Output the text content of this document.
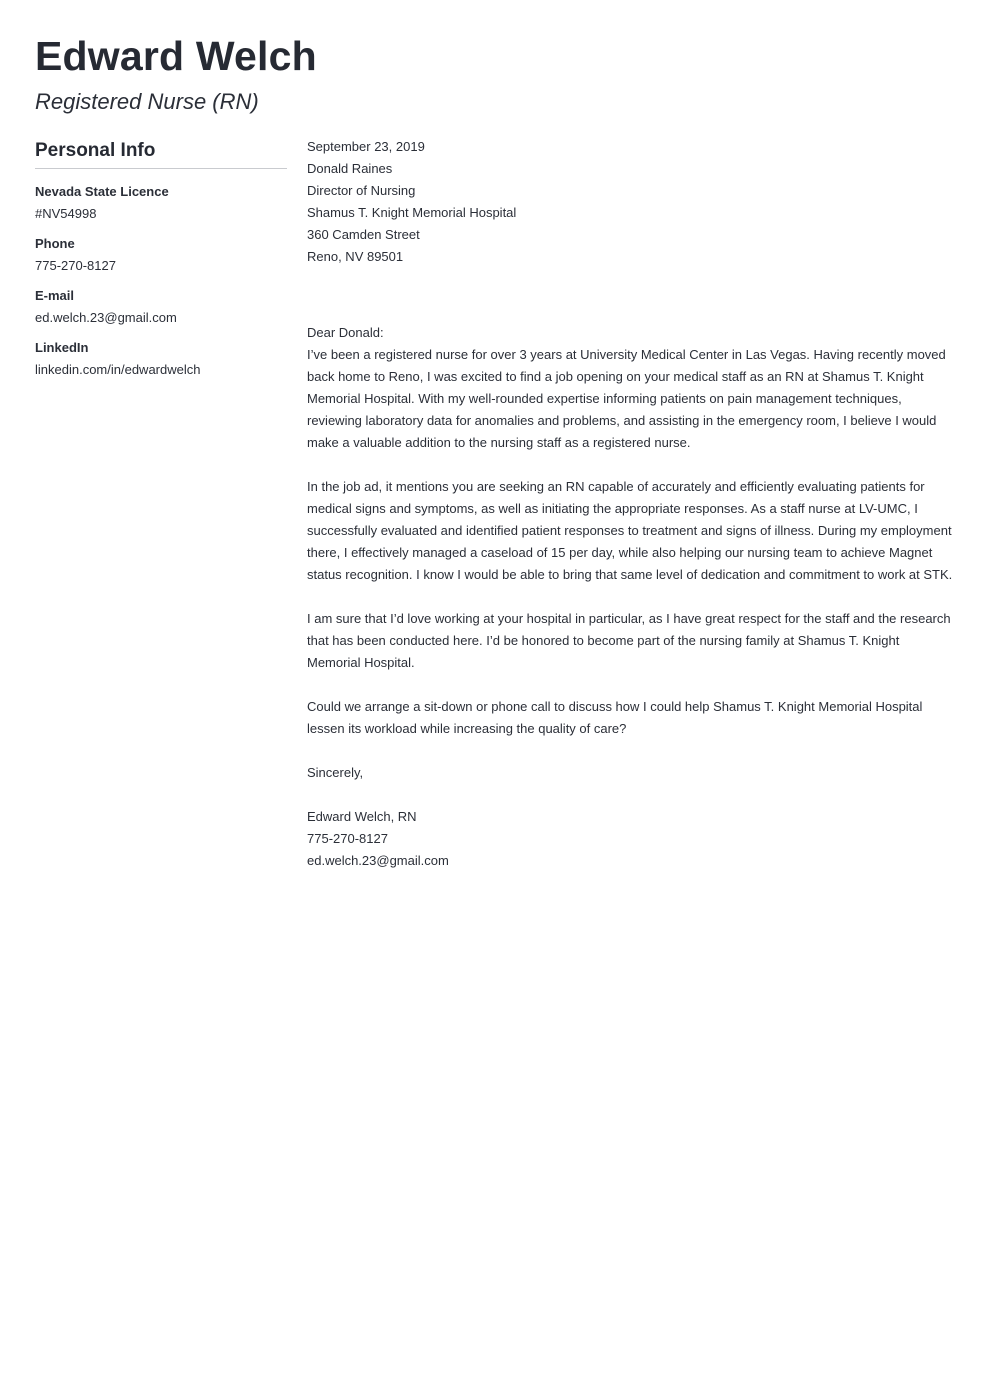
Edward Welch
Registered Nurse (RN)
Personal Info
Nevada State Licence
#NV54998
Phone
775-270-8127
E-mail
ed.welch.23@gmail.com
LinkedIn
linkedin.com/in/edwardwelch

September 23, 2019

Donald Raines
Director of Nursing
Shamus T. Knight Memorial Hospital
360 Camden Street
Reno, NV 89501

Dear Donald:

I’ve been a registered nurse for over 3 years at University Medical Center in Las Vegas. Having recently moved back home to Reno, I was excited to find a job opening on your medical staff as an RN at Shamus T. Knight Memorial Hospital. With my well-rounded expertise informing patients on pain management techniques, reviewing laboratory data for anomalies and problems, and assisting in the emergency room, I believe I would make a valuable addition to the nursing staff as a registered nurse.

In the job ad, it mentions you are seeking an RN capable of accurately and efficiently evaluating patients for medical signs and symptoms, as well as initiating the appropriate responses. As a staff nurse at LV-UMC, I successfully evaluated and identified patient responses to treatment and signs of illness. During my employment there, I effectively managed a caseload of 15 per day, while also helping our nursing team to achieve Magnet status recognition. I know I would be able to bring that same level of dedication and commitment to work at STK.

I am sure that I’d love working at your hospital in particular, as I have great respect for the staff and the research that has been conducted here. I’d be honored to become part of the nursing family at Shamus T. Knight Memorial Hospital.

Could we arrange a sit-down or phone call to discuss how I could help Shamus T. Knight Memorial Hospital lessen its workload while increasing the quality of care?

Sincerely,

Edward Welch, RN
775-270-8127
ed.welch.23@gmail.com
